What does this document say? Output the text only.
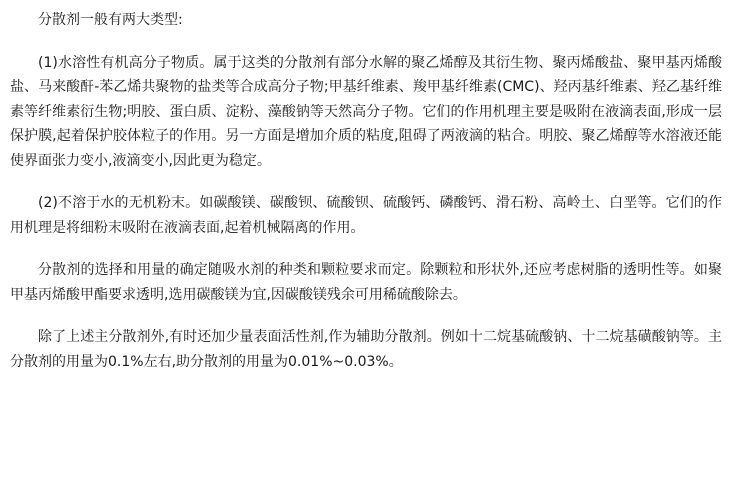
分散剂一般有两大类型:

(1)水溶性有机高分子物质。属于这类的分散剂有部分水解的聚乙烯醇及其衍生物、聚丙烯酸盐、聚甲基丙烯酸盐、马来酸酐-苯乙烯共聚物的盐类等合成高分子物;甲基纤维素、羧甲基纤维素(CMC)、羟丙基纤维素、羟乙基纤维素等纤维素衍生物;明胶、蛋白质、淀粉、藻酸钠等天然高分子物。它们的作用机理主要是吸附在液滴表面,形成一层保护膜,起着保护胶体粒子的作用。另一方面是增加介质的粘度,阻碍了两液滴的粘合。明胶、聚乙烯醇等水溶液还能使界面张力变小,液滴变小,因此更为稳定。

(2)不溶于水的无机粉末。如碳酸镁、碳酸钡、硫酸钡、硫酸钙、磷酸钙、滑石粉、高岭土、白垩等。它们的作用机理是将细粉末吸附在液滴表面,起着机械隔离的作用。

分散剂的选择和用量的确定随吸水剂的种类和颗粒要求而定。除颗粒和形状外,还应考虑树脂的透明性等。如聚甲基丙烯酸甲酯要求透明,选用碳酸镁为宜,因碳酸镁残余可用稀硫酸除去。

除了上述主分散剂外,有时还加少量表面活性剂,作为辅助分散剂。例如十二烷基硫酸钠、十二烷基磺酸钠等。主分散剂的用量为0.1%左右,助分散剂的用量为0.01%~0.03%。
